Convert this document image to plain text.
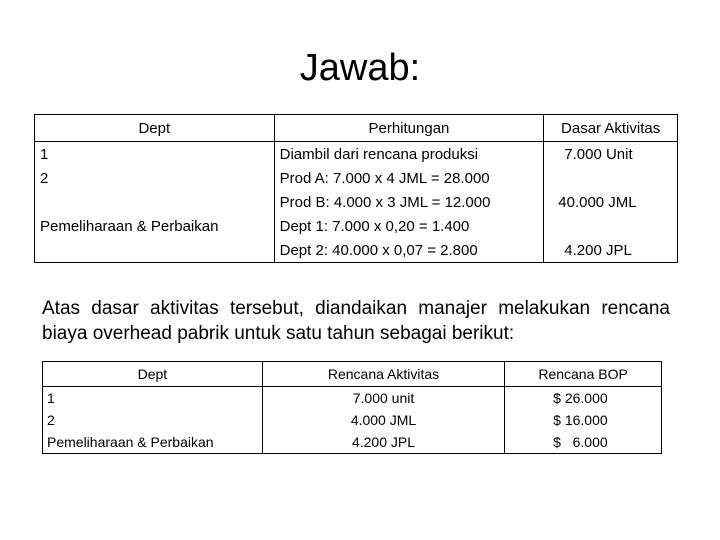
Jawab:
Dept	Perhitungan	Dasar Aktivitas
1	Diambil dari rencana produksi	7.000 Unit
2	Prod A: 7.000 x 4 JML = 28.000	
	Prod B: 4.000 x 3 JML = 12.000	40.000 JML
Pemeliharaan & Perbaikan	Dept 1: 7.000 x 0,20 = 1.400	
	Dept 2: 40.000 x 0,07 = 2.800	4.200 JPL
Atas dasar aktivitas tersebut, diandaikan manajer melakukan rencana biaya overhead pabrik untuk satu tahun sebagai berikut:
Dept	Rencana Aktivitas	Rencana BOP
1	7.000 unit	$ 26.000
2	4.000 JML	$ 16.000
Pemeliharaan & Perbaikan	4.200 JPL	$   6.000
